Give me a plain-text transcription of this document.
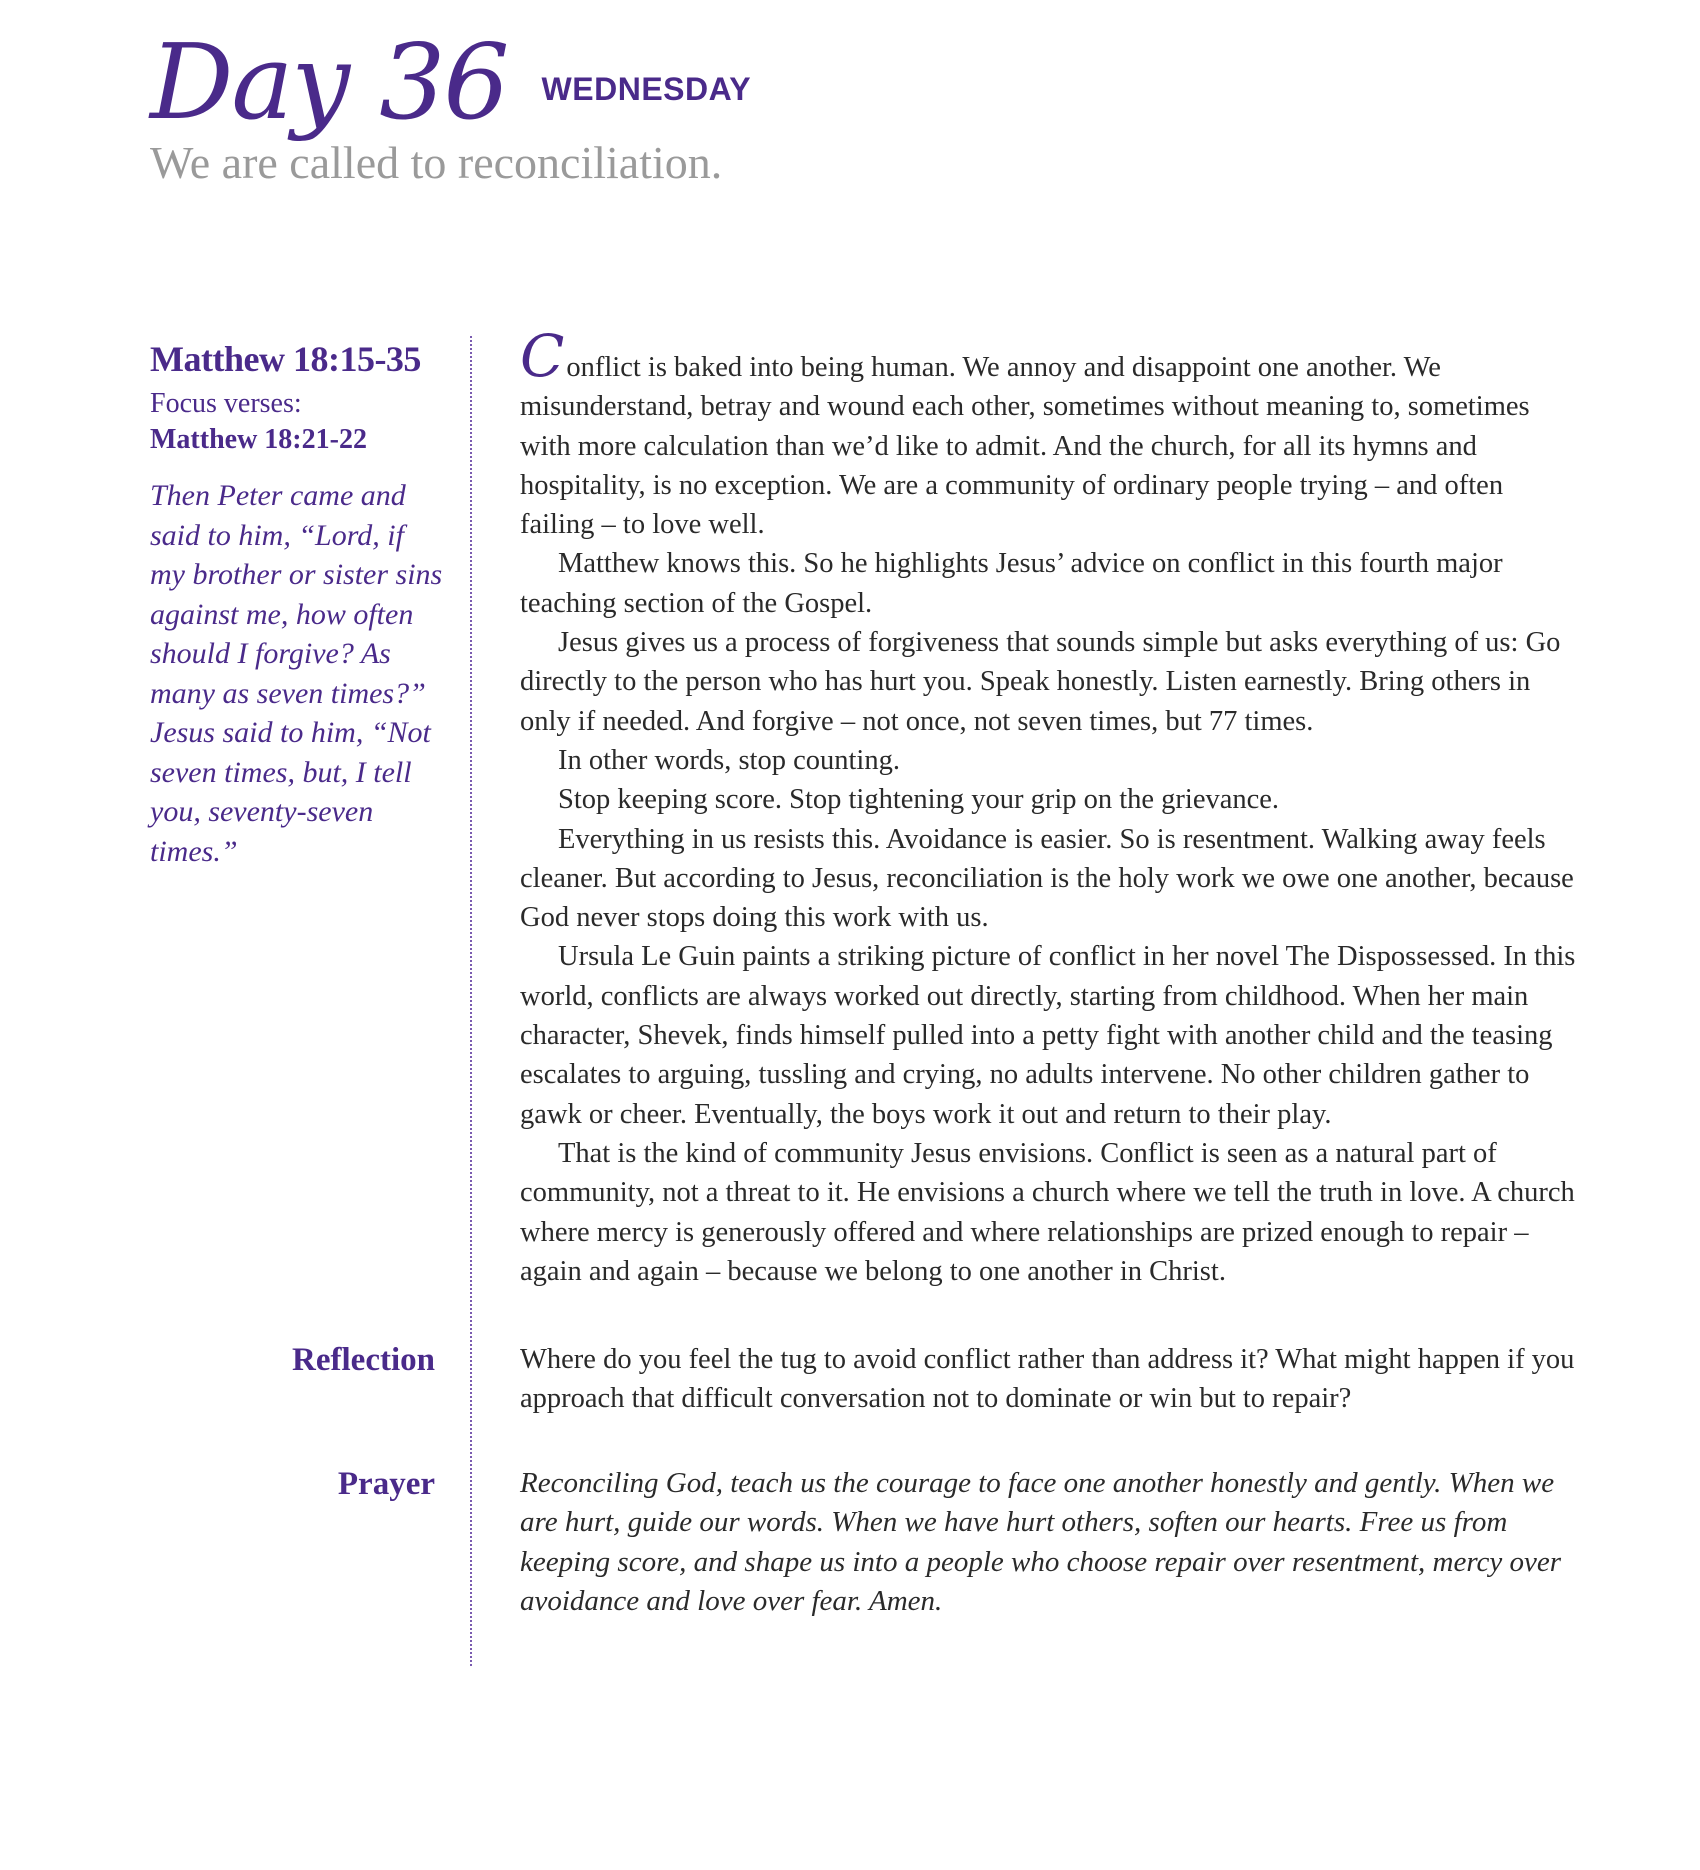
Day 36 WEDNESDAY
We are called to reconciliation.
Matthew 18:15-35
Focus verses:
Matthew 18:21-22
Then Peter came and said to him, “Lord, if my brother or sister sins against me, how often should I forgive? As many as seven times?” Jesus said to him, “Not seven times, but, I tell you, seventy-seven times.”

Conflict is baked into being human. We annoy and disappoint one another. We misunderstand, betray and wound each other, sometimes without meaning to, sometimes with more calculation than we’d like to admit. And the church, for all its hymns and hospitality, is no exception. We are a community of ordinary people trying – and often failing – to love well.

Matthew knows this. So he highlights Jesus’ advice on conflict in this fourth major teaching section of the Gospel.

Jesus gives us a process of forgiveness that sounds simple but asks everything of us: Go directly to the person who has hurt you. Speak honestly. Listen earnestly. Bring others in only if needed. And forgive – not once, not seven times, but 77 times.

In other words, stop counting.

Stop keeping score. Stop tightening your grip on the grievance.

Everything in us resists this. Avoidance is easier. So is resentment. Walking away feels cleaner. But according to Jesus, reconciliation is the holy work we owe one another, because God never stops doing this work with us.

Ursula Le Guin paints a striking picture of conflict in her novel The Dispossessed. In this world, conflicts are always worked out directly, starting from childhood. When her main character, Shevek, finds himself pulled into a petty fight with another child and the teasing escalates to arguing, tussling and crying, no adults intervene. No other children gather to gawk or cheer. Eventually, the boys work it out and return to their play.

That is the kind of community Jesus envisions. Conflict is seen as a natural part of community, not a threat to it. He envisions a church where we tell the truth in love. A church where mercy is generously offered and where relationships are prized enough to repair – again and again – because we belong to one another in Christ.

Reflection	Where do you feel the tug to avoid conflict rather than address it? What might happen if you approach that difficult conversation not to dominate or win but to repair?
Prayer	Reconciling God, teach us the courage to face one another honestly and gently. When we are hurt, guide our words. When we have hurt others, soften our hearts. Free us from keeping score, and shape us into a people who choose repair over resentment, mercy over avoidance and love over fear. Amen.
